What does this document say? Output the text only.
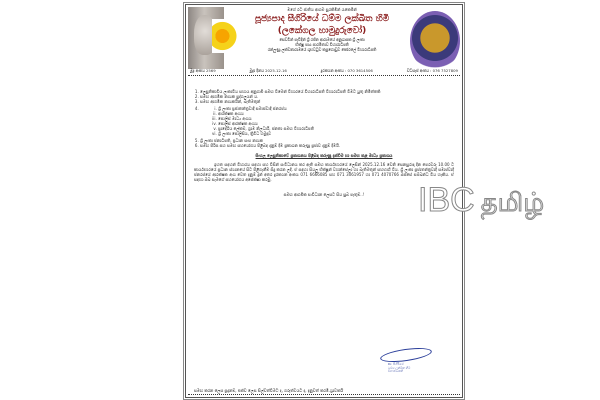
මගේ රට ජාතිය ආගම සුරකිමින් රැකෙමින්
පූජ්‍යපාද සීගිරියේ ධම්ම ලක්ඛිත හිමි
(ලකේගල හාමුදුරුවෝ)
සෙව්වින් පැවිදින් ශ්‍රී රජින ආරාමයේ අනුශාසක ශ්‍රී ලංකා
භික්ෂු පාඨ පාරමිතාව විහාරාධිපති
රන්ලුණු ලක්වනාරාමයේ ශුභවටුව කපුගොඩුව කෝරලේ විහාරාධිපති
මුද්‍ර අංකය 2569	මුද්‍රා දිනය 2025.12.16	දුරකථන අංකය : 070 3614506	වට්සැප් අංකය : 076 7527809
1. ලෙසුතිකාවිය ලංකාවිය සහාය අනුගාමී සමඟ වීමෙන් විහාරයේ විහාරාධිපති විහාරාධිපති වීමට යුතු නිමිත්තකි
2. සමඟ ආගමික නායක පුද්ගලයන් ය.
3. සමඟ ආගමික නායකයින්, බැතිමතුන්
i. 4. ශ්‍රී ලංකා ප්‍රජාතන්ත්‍රවාදී සමාජවාදී ජනරජය
ii. ආරක්ෂක අංශය
iii. පොලිස් මාධ්‍ය අංශය
iv. පොලිස් ආරක්ෂක අංශය
v. ප්‍රාදේශීය ලේකම්, ග්‍රාම නිලධාරී, ජනතා සමඟ විහාරාධිපති
vi. ශ්‍රී ලංකා පොලිසිය, ත්‍රිවිධ හමුදාව
5. ශ්‍රී ලංකා ජනාධිපති, ප්‍රධාන සංඝ නායක
6. සමඟ පිරිස සහ සමඟ සහයෝගය පිළිබඳ දැනුම් දීම ප්‍රකාශන කරුණු ප්‍රජාව දැනුම් දීමයි.
සිංහල ලෙසුතිකාවේ ප්‍රකාශනය පිළිබඳ කරුණු දැක්වීම හා සමඟ කළ මාධ්‍ය ප්‍රකාශය
ඉහත සඳහන් විහාරය සඳහා සහ විසින් සංවිධානය කර ඇති සමඟ කාර්යභාරයේ ලෙසින් 2025.12.16 වෙනි සෙනසුරාදා දින පෙරවරු 10.00 ට කාර්යභාරයේ ප්‍රධාන ස්ථානයේ සිට පිළිගැනීම සිදු කරන ලදී. ඒ සඳහා සියලු භික්ෂූන් වහන්සේලා හා බැතිමතුන් සහභාගී විය. ශ්‍රී ලංකා ප්‍රජාතන්ත්‍රවාදී සමාජවාදී ජනරජයේ ආරක්ෂක අංශ වෙත දැනුම් දුන් අතර දුරකථන අංකය 071 6666085 සහ 071 3061957 හා 071 4070766 ඔස්සේ සම්බන්ධ විය හැකිය. ඒ සඳහා ඔබ සැමගේ සහයෝගය අපේක්ෂා කරමු.
සමඟ ආගමික සංවිධාන ලෙසට සිය සුබ පැතුම්..!
Dr. සීගිරියේ
ධම්ම ලක්ඛිත හිමි
විහාරාධිපති
සමඟ කරන ලෙස සූදානම්, එක්ව ලෙස සිල්වත්වීමට ද, ගරුත්වයට ද, දැනුවත් කරමි.ශ්‍රාවකයි
IBC தமிழ்
